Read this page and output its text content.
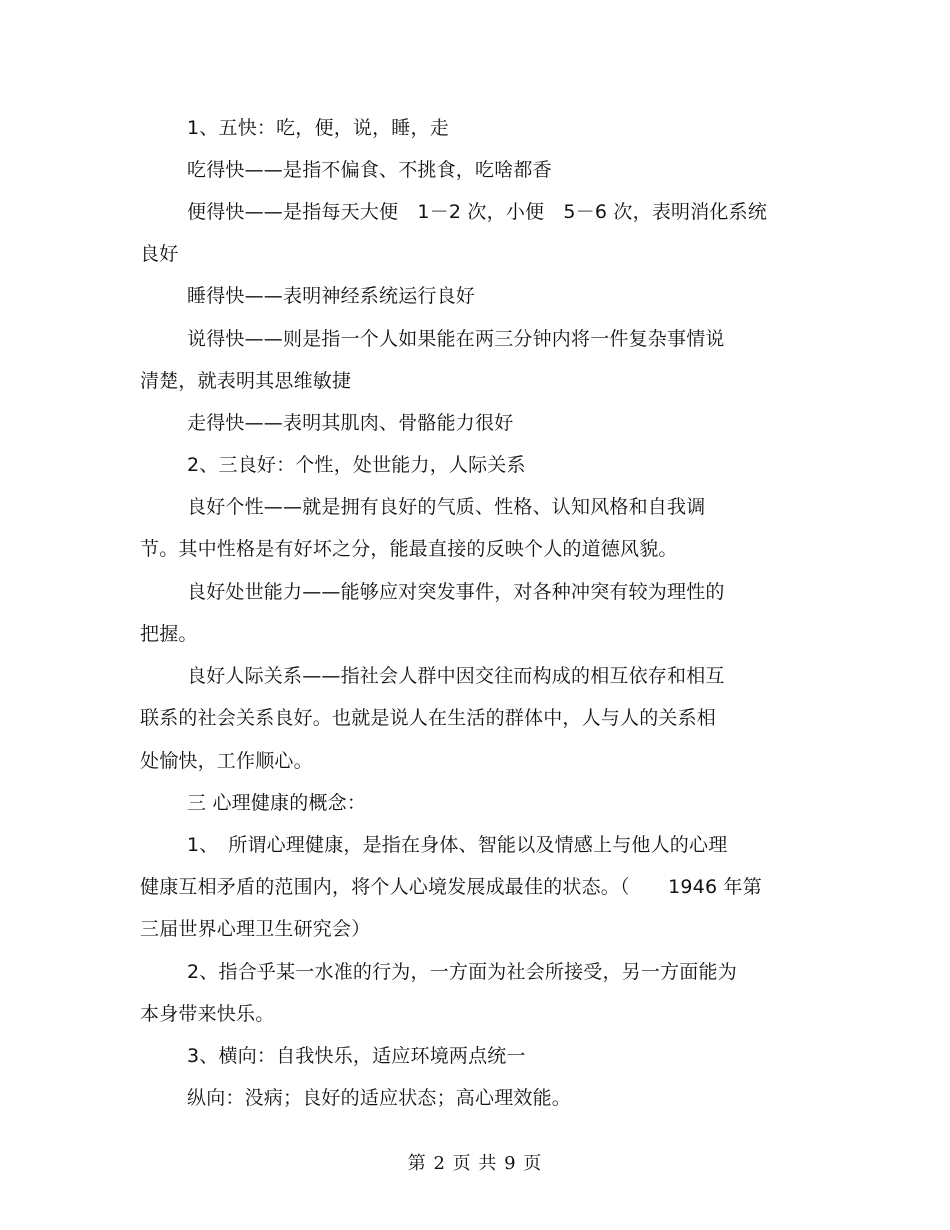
1、五快：吃，便，说，睡，走
吃得快——是指不偏食、不挑食，吃啥都香
便得快——是指每天大便　1－2 次，小便　5－6 次，表明消化系统
良好
睡得快——表明神经系统运行良好
说得快——则是指一个人如果能在两三分钟内将一件复杂事情说
清楚，就表明其思维敏捷
走得快——表明其肌肉、骨骼能力很好
2、三良好：个性，处世能力，人际关系
良好个性——就是拥有良好的气质、性格、认知风格和自我调
节。其中性格是有好坏之分，能最直接的反映个人的道德风貌。
良好处世能力——能够应对突发事件，对各种冲突有较为理性的
把握。
良好人际关系——指社会人群中因交往而构成的相互依存和相互
联系的社会关系良好。也就是说人在生活的群体中，人与人的关系相
处愉快，工作顺心。
三 心理健康的概念：
1、　所谓心理健康，是指在身体、智能以及情感上与他人的心理
健康互相矛盾的范围内，将个人心境发展成最佳的状态。（　　1946 年第
三届世界心理卫生研究会）
2、指合乎某一水准的行为，一方面为社会所接受，另一方面能为
本身带来快乐。
3、横向：自我快乐，适应环境两点统一
纵向：没病；良好的适应状态；高心理效能。
第 2 页 共 9 页
